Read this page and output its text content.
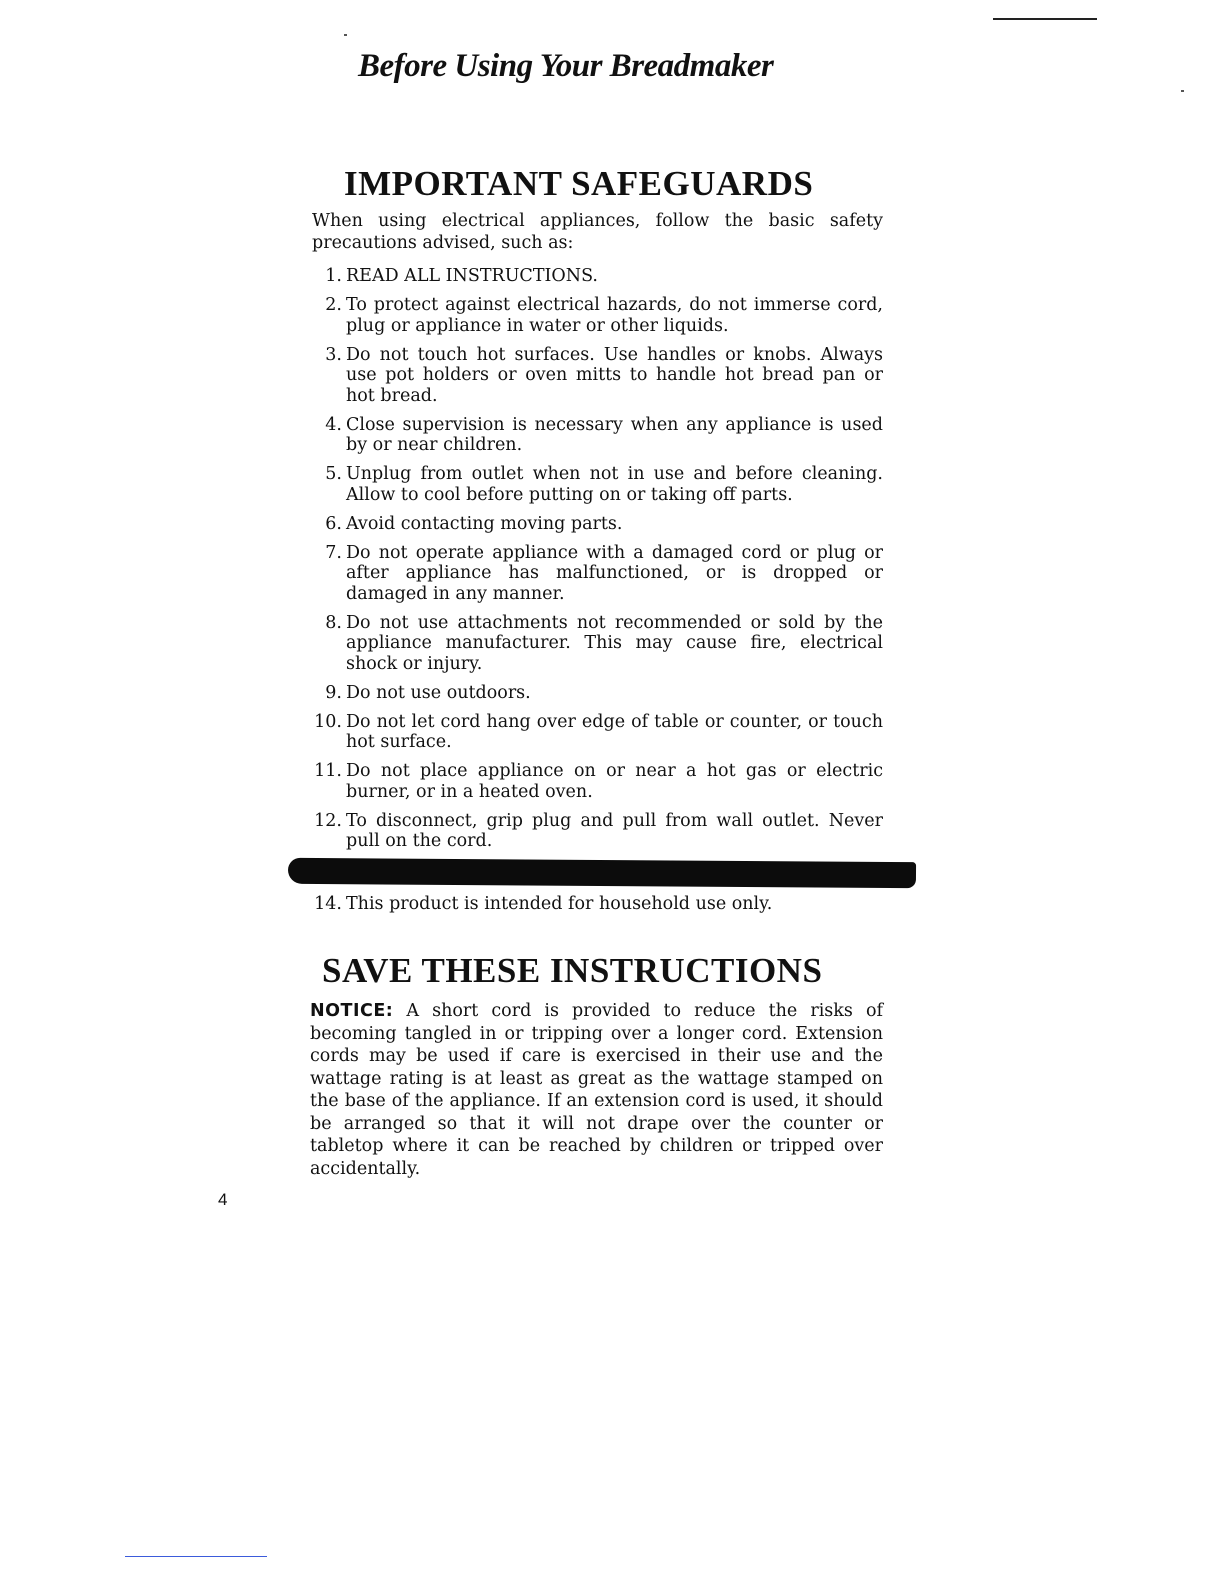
Before Using Your Breadmaker
IMPORTANT SAFEGUARDS

When using electrical appliances, follow the basic safety precautions advised, such as:

1. READ ALL INSTRUCTIONS.
2. To protect against electrical hazards, do not immerse cord, plug or appliance in water or other liquids.
3. Do not touch hot surfaces. Use handles or knobs. Always use pot holders or oven mitts to handle hot bread pan or hot bread.
4. Close supervision is necessary when any appliance is used by or near children.
5. Unplug from outlet when not in use and before cleaning. Allow to cool before putting on or taking off parts.
6. Avoid contacting moving parts.
7. Do not operate appliance with a damaged cord or plug or after appliance has malfunctioned, or is dropped or damaged in any manner.
8. Do not use attachments not recommended or sold by the appliance manufacturer. This may cause fire, electrical shock or injury.
9. Do not use outdoors.
10. Do not let cord hang over edge of table or counter, or touch hot surface.
11. Do not place appliance on or near a hot gas or electric burner, or in a heated oven.
12. To disconnect, grip plug and pull from wall outlet. Never pull on the cord.
14. This product is intended for household use only.
SAVE THESE INSTRUCTIONS

NOTICE: A short cord is provided to reduce the risks of becoming tangled in or tripping over a longer cord. Extension cords may be used if care is exercised in their use and the wattage rating is at least as great as the wattage stamped on the base of the appliance. If an extension cord is used, it should be arranged so that it will not drape over the counter or tabletop where it can be reached by children or tripped over accidentally.

4
